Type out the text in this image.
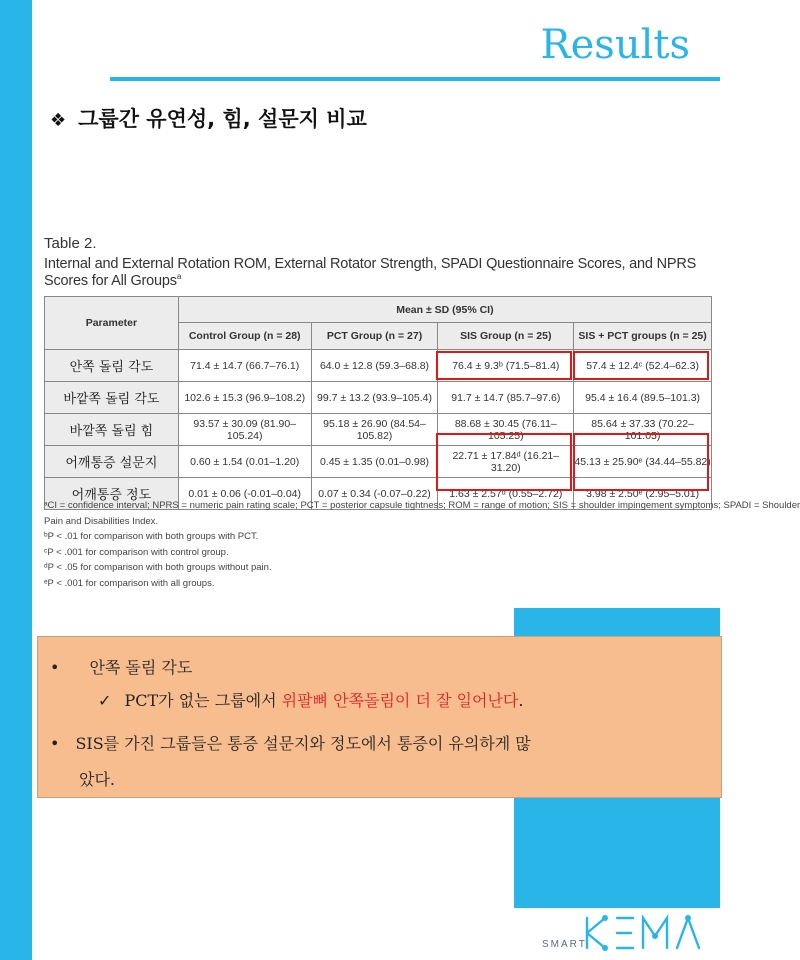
Results
❖ 그룹간 유연성, 힘, 설문지 비교
Table 2.
Internal and External Rotation ROM, External Rotator Strength, SPADI Questionnaire Scores, and NPRS Scores for All Groups$^a$
Parameter	Mean ± SD (95% CI)			
	Control Group (n = 28)	PCT Group (n = 27)	SIS Group (n = 25)	SIS + PCT groups (n = 25)
안쪽 돌림 각도	71.4 ± 14.7 (66.7–76.1)	64.0 ± 12.8 (59.3–68.8)	76.4 ± 9.3ᵇ (71.5–81.4)	57.4 ± 12.4ᶜ (52.4–62.3)
바깥쪽 돌림 각도	102.6 ± 15.3 (96.9–108.2)	99.7 ± 13.2 (93.9–105.4)	91.7 ± 14.7 (85.7–97.6)	95.4 ± 16.4 (89.5–101.3)
바깥쪽 돌림 힘	93.57 ± 30.09 (81.90–105.24)	95.18 ± 26.90 (84.54–105.82)	88.68 ± 30.45 (76.11–105.25)	85.64 ± 37.33 (70.22–101.05)
어깨통증 설문지	0.60 ± 1.54 (0.01–1.20)	0.45 ± 1.35 (0.01–0.98)	22.71 ± 17.84ᵈ (16.21–31.20)	45.13 ± 25.90ᵉ (34.44–55.82)
어깨통증 정도	0.01 ± 0.06 (-0.01–0.04)	0.07 ± 0.34 (-0.07–0.22)	1.63 ± 2.57ᵈ (0.55–2.72)	3.98 ± 2.50ᵉ (2.95–5.01)
ᵃCI = confidence interval; NPRS = numeric pain rating scale; PCT = posterior capsule tightness; ROM = range of motion; SIS = shoulder impingement symptoms; SPADI = Shoulder
Pain and Disabilities Index.
ᵇP < .01 for comparison with both groups with PCT.
ᶜP < .001 for comparison with control group.
ᵈP < .05 for comparison with both groups without pain.
ᵉP < .001 for comparison with all groups.
• 안쪽 돌림 각도
✓ PCT가 없는 그룹에서 위팔뼈 안쪽돌림이 더 잘 일어난다.
• SIS를 가진 그룹들은 통증 설문지와 정도에서 통증이 유의하게 많
았다.
SMART
